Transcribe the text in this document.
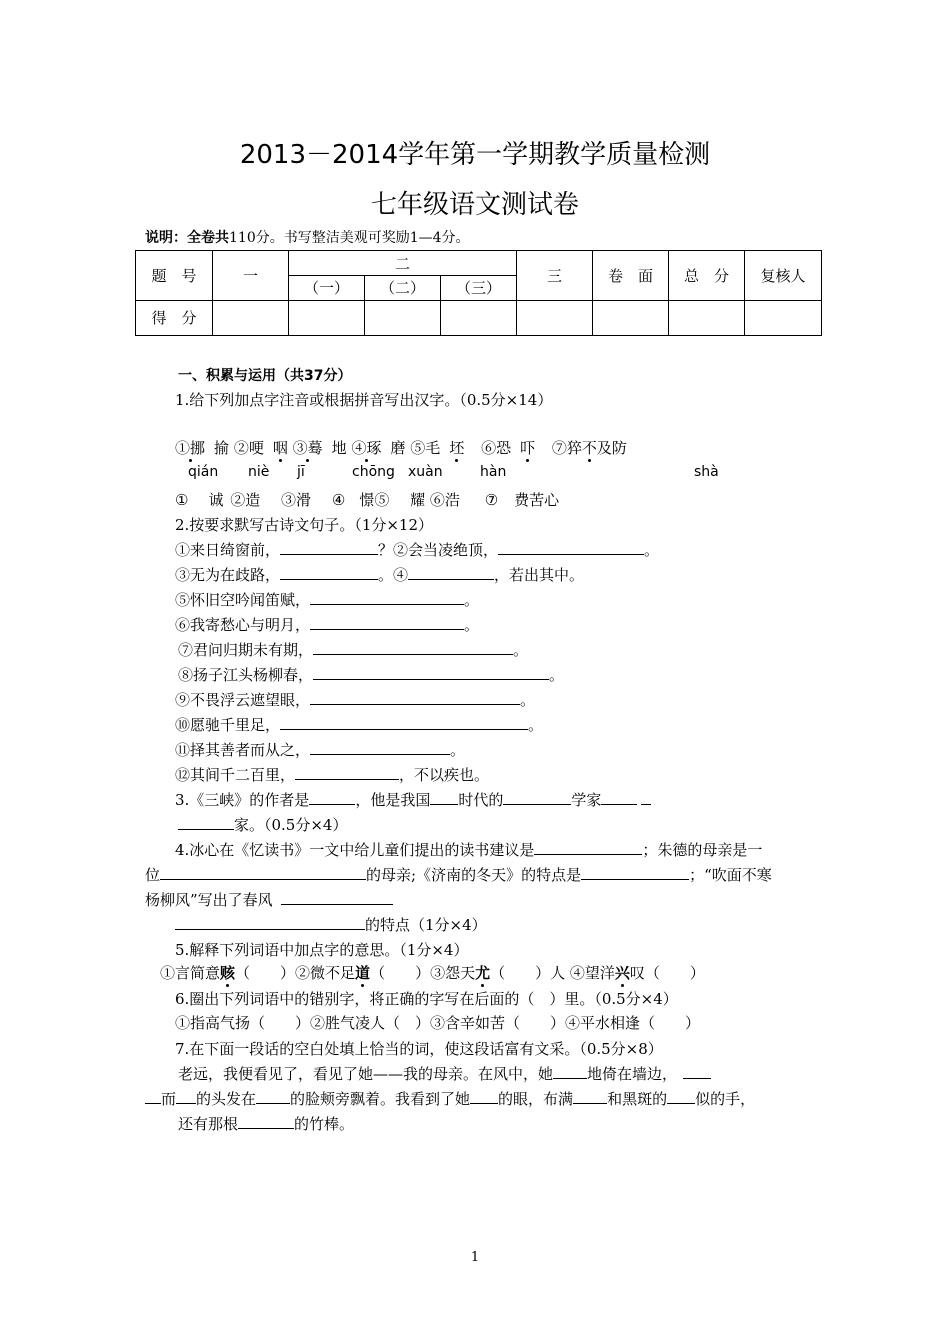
2013－2014学年第一学期教学质量检测
七年级语文测试卷
说明：全卷共110分。书写整洁美观可奖励1—4分。
题　号	一	二			三	卷　面	总　分	复核人
		（一）	（二）	（三）				
得　分								
一、积累与运用（共37分）
1.给下列加点字注音或根据拼音写出汉字。（0.5分×14）
①挪 揄 ②哽 咽 ③蓦 地 ④琢 磨 ⑤毛 坯 ⑥恐 吓 ⑦猝不及防
qián niè jī	chōng xuàn	hàn	shà
① 诚 ②造 ③滑 ④ 憬⑤ 耀 ⑥浩 ⑦ 费苦心
2.按要求默写古诗文句子。（1分×12）
①来日绮窗前，	？②会当凌绝顶，	。
③无为在歧路，	。④	，若出其中。
⑤怀旧空吟闻笛赋，	。
⑥我寄愁心与明月，	。
⑦君问归期未有期，	。
⑧扬子江头杨柳春，	。
⑨不畏浮云遮望眼，	。
⑩愿驰千里足，	。
⑪择其善者而从之，	。
⑫其间千二百里，	，不以疾也。
3.《三峡》的作者是	，他是我国 时代的	学家
家。（0.5分×4）
4.冰心在《忆读书》一文中给儿童们提出的读书建议是	；朱德的母亲是一
位	的母亲;《济南的冬天》的特点是	；“吹面不寒
杨柳风”写出了春风
的特点（1分×4）
5.解释下列词语中加点字的意思。（1分×4）
①言简意赅（　　）②微不足道（　　）③怨天尤（　　）人 ④望洋兴叹（　　）
6.圈出下列词语中的错别字，将正确的字写在后面的（　）里。（0.5分×4）
①指高气扬（　　）②胜气凌人（　）③含辛如苦（　　）④平水相逢（　　）
7.在下面一段话的空白处填上恰当的词，使这段话富有文采。（0.5分×8）
老远，我便看见了，看见了她——我的母亲。在风中，她 地倚在墙边，
而 的头发在 的脸颊旁飘着。我看到了她 的眼，布满 和黑斑的 似的手，
还有那根	的竹棒。
1
